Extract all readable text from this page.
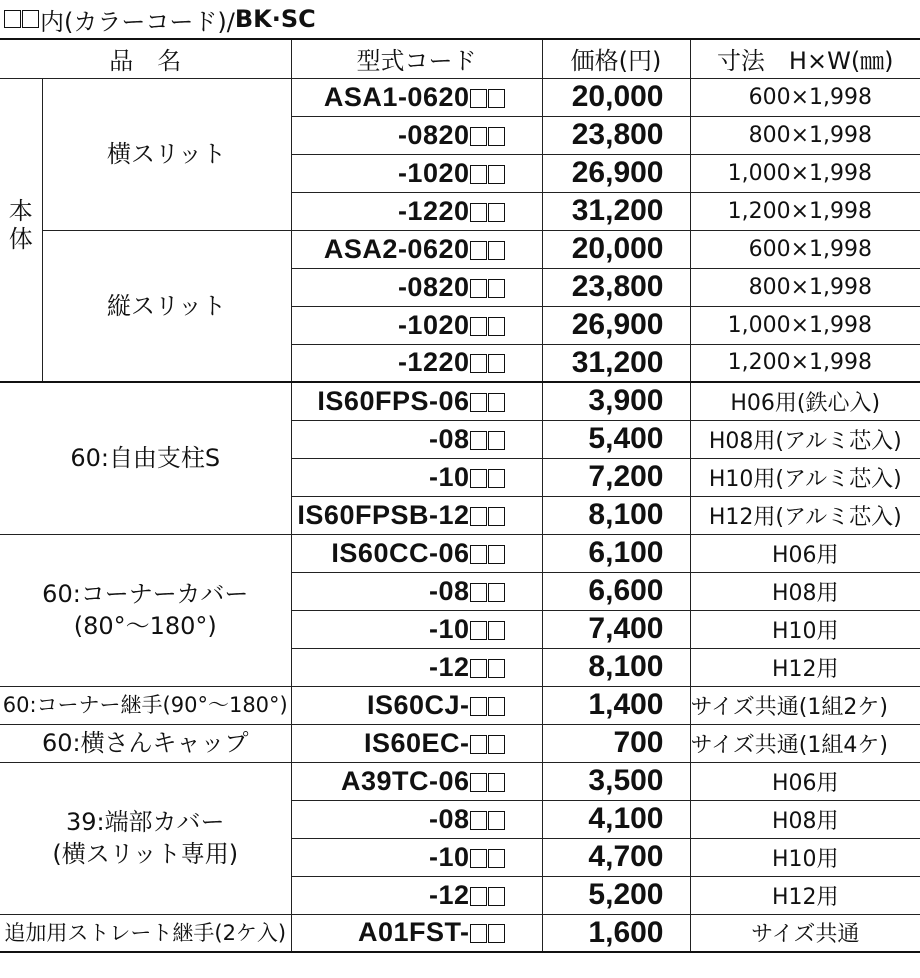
内(カラーコード)/ BK·SC
品　名		型式コード	価格(円)	寸法　H×W(㎜)
本
体	横スリット	ASA1-0620	20,000	600×1,998
		-0820	23,800	800×1,998
		-1020	26,900	1,000×1,998
		-1220	31,200	1,200×1,998
	縦スリット	ASA2-0620	20,000	600×1,998
		-0820	23,800	800×1,998
		-1020	26,900	1,000×1,998
		-1220	31,200	1,200×1,998
60:自由支柱S		IS60FPS-06	3,900	H06用(鉄心入)
		-08	5,400	H08用(アルミ芯入)
		-10	7,200	H10用(アルミ芯入)
		IS60FPSB-12	8,100	H12用(アルミ芯入)
60:コーナーカバー
(80°〜180°)		IS60CC-06	6,100	H06用
		-08	6,600	H08用
		-10	7,400	H10用
		-12	8,100	H12用
60:コーナー継手(90°〜180°)		IS60CJ-	1,400	サイズ共通(1組2ケ)
60:横さんキャップ		IS60EC-	700	サイズ共通(1組4ケ)
39:端部カバー
(横スリット専用)		A39TC-06	3,500	H06用
		-08	4,100	H08用
		-10	4,700	H10用
		-12	5,200	H12用
追加用ストレート継手(2ケ入)		A01FST-	1,600	サイズ共通
